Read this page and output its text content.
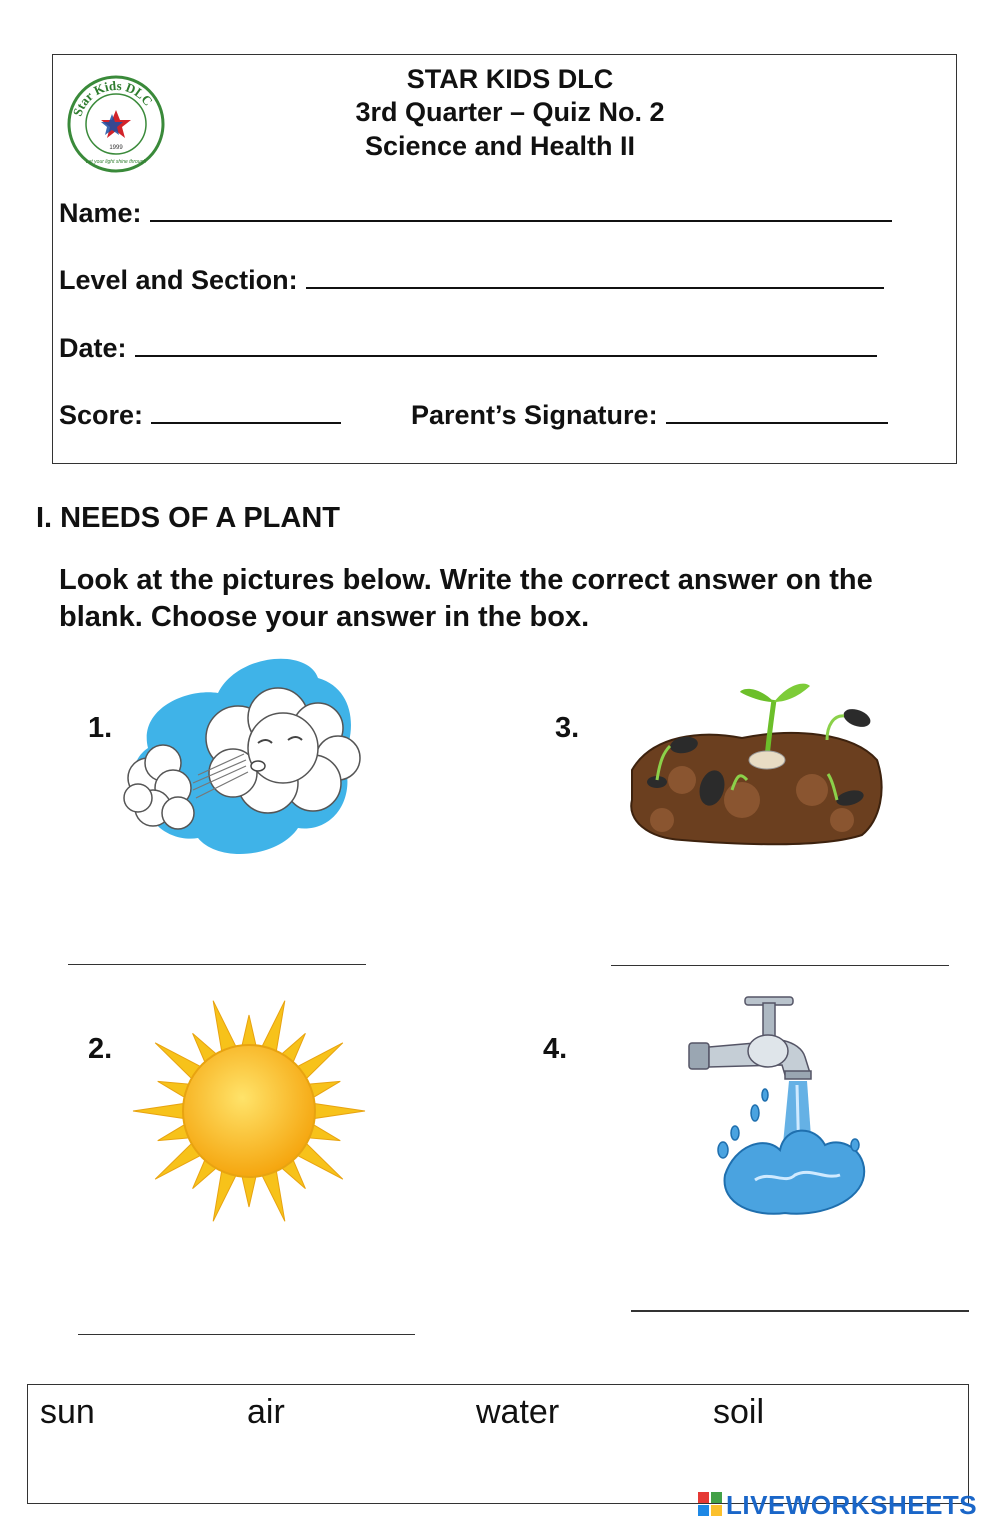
Star Kids DLC
1999
Let your light shine through
STAR KIDS DLC
3rd Quarter – Quiz No. 2
Science and Health II
Name:
Level and Section:
Date:
Score:	Parent’s Signature:
I. NEEDS OF A PLANT
Look at the pictures below. Write the correct answer on the blank. Choose your answer in the box.
1.
2.
3.
4.
sun	air	water	soil
LIVEWORKSHEETS
